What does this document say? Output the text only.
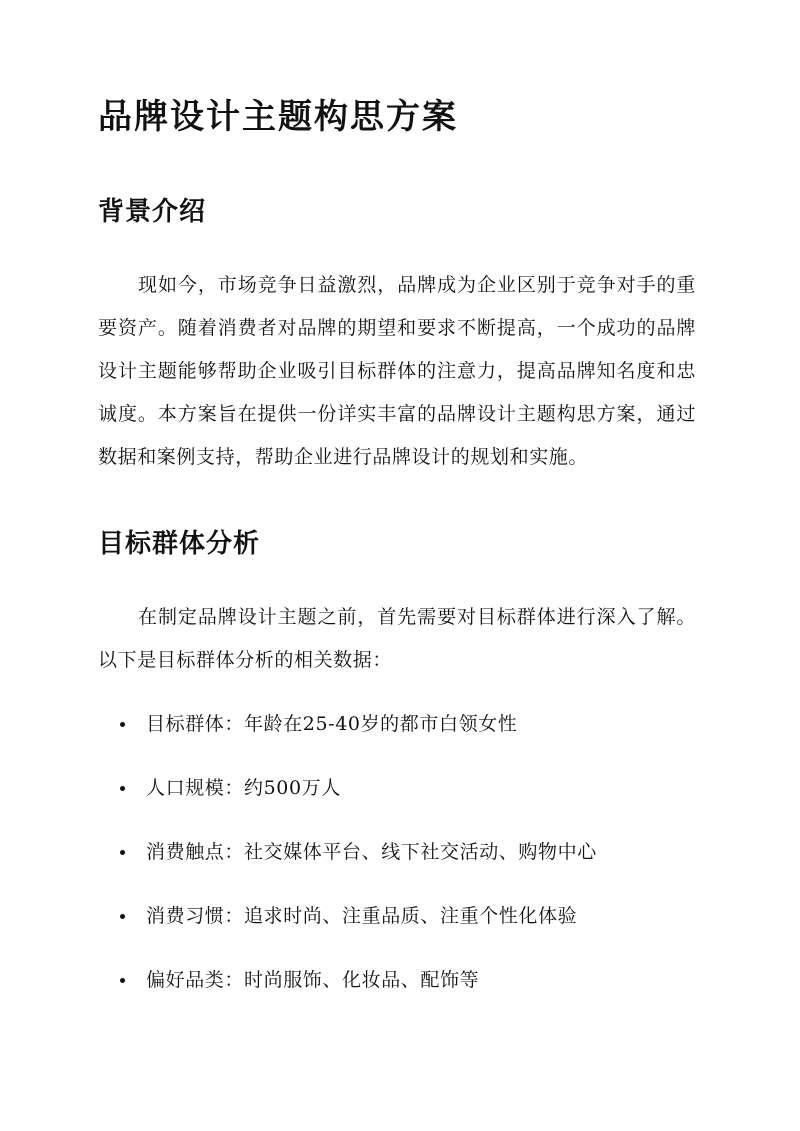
品牌设计主题构思方案
背景介绍

现如今，市场竞争日益激烈，品牌成为企业区别于竞争对手的重要资产。随着消费者对品牌的期望和要求不断提高，一个成功的品牌设计主题能够帮助企业吸引目标群体的注意力，提高品牌知名度和忠诚度。本方案旨在提供一份详实丰富的品牌设计主题构思方案，通过数据和案例支持，帮助企业进行品牌设计的规划和实施。

目标群体分析

在制定品牌设计主题之前，首先需要对目标群体进行深入了解。以下是目标群体分析的相关数据：

目标群体：年龄在25-40岁的都市白领女性
人口规模：约500万人
消费触点：社交媒体平台、线下社交活动、购物中心
消费习惯：追求时尚、注重品质、注重个性化体验
偏好品类：时尚服饰、化妆品、配饰等
